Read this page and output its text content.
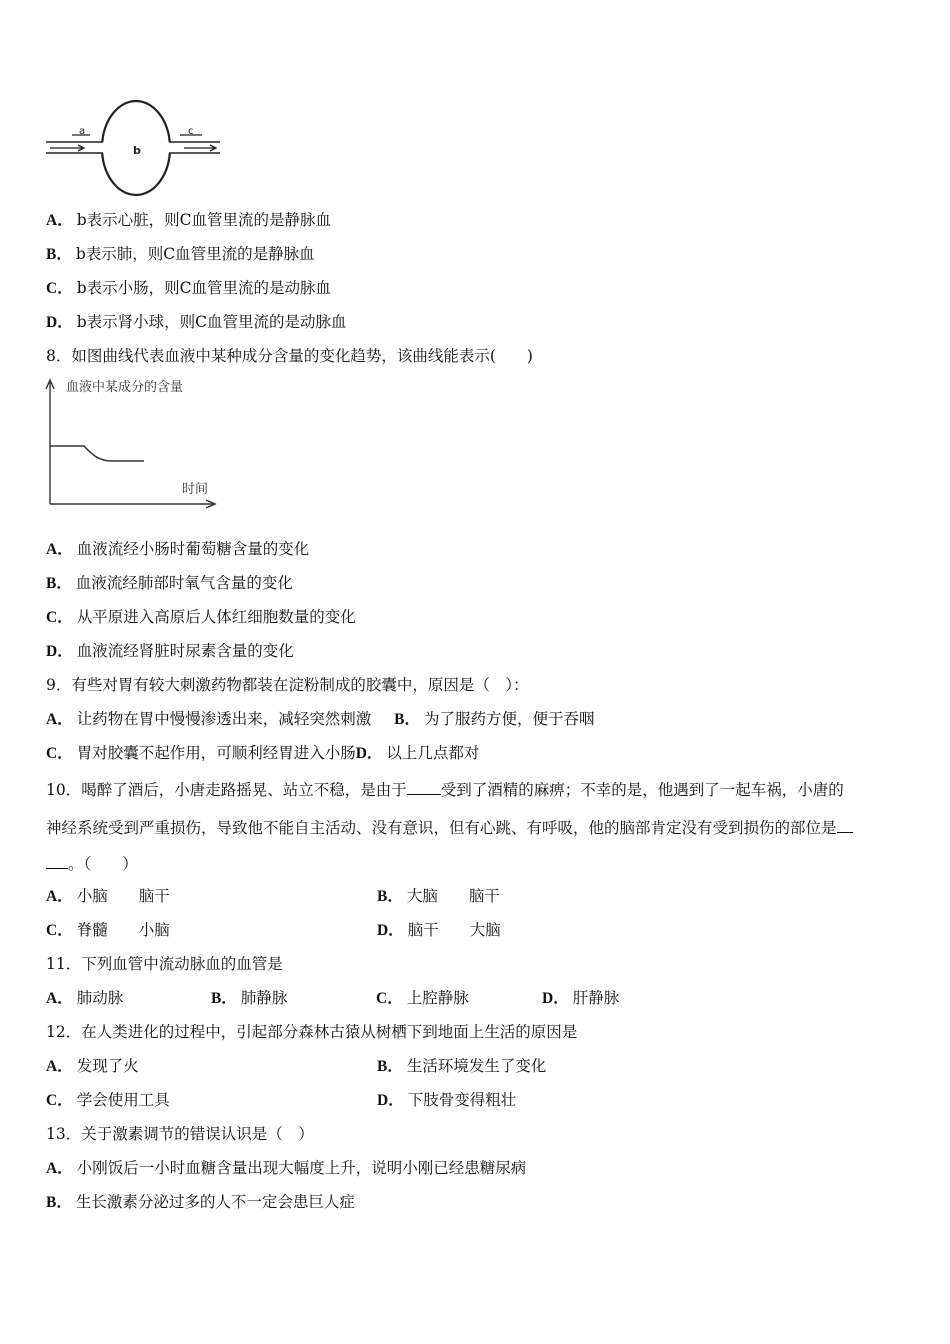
a
b
c
A． b表示心脏，则C血管里流的是静脉血
B． b表示肺，则C血管里流的是静脉血
C． b表示小肠，则C血管里流的是动脉血
D． b表示肾小球，则C血管里流的是动脉血
8．如图曲线代表血液中某种成分含量的变化趋势，该曲线能表示(　　)
血液中某成分的含量
时间
A． 血液流经小肠时葡萄糖含量的变化
B． 血液流经肺部时氧气含量的变化
C． 从平原进入高原后人体红细胞数量的变化
D． 血液流经肾脏时尿素含量的变化
9．有些对胃有较大刺激药物都装在淀粉制成的胶囊中，原因是（　）：
A． 让药物在胃中慢慢渗透出来，减轻突然刺激 B． 为了服药方便，便于吞咽
C． 胃对胶囊不起作用，可顺利经胃进入小肠D． 以上几点都对
10．喝醉了酒后，小唐走路摇晃、站立不稳，是由于 受到了酒精的麻痹；不幸的是，他遇到了一起车祸，小唐的
神经系统受到严重损伤，导致他不能自主活动、没有意识，但有心跳、有呼吸，他的脑部肯定没有受到损伤的部位是
。（　　）
A． 小脑　　脑干	B． 大脑　　脑干
C． 脊髓　　小脑	D． 脑干　　大脑
11．下列血管中流动脉血的血管是
A． 肺动脉	B． 肺静脉	C． 上腔静脉	D． 肝静脉
12．在人类进化的过程中，引起部分森林古猿从树栖下到地面上生活的原因是
A． 发现了火	B． 生活环境发生了变化
C． 学会使用工具	D． 下肢骨变得粗壮
13．关于激素调节的错误认识是（　）
A． 小刚饭后一小时血糖含量出现大幅度上升，说明小刚已经患糖尿病
B． 生长激素分泌过多的人不一定会患巨人症
